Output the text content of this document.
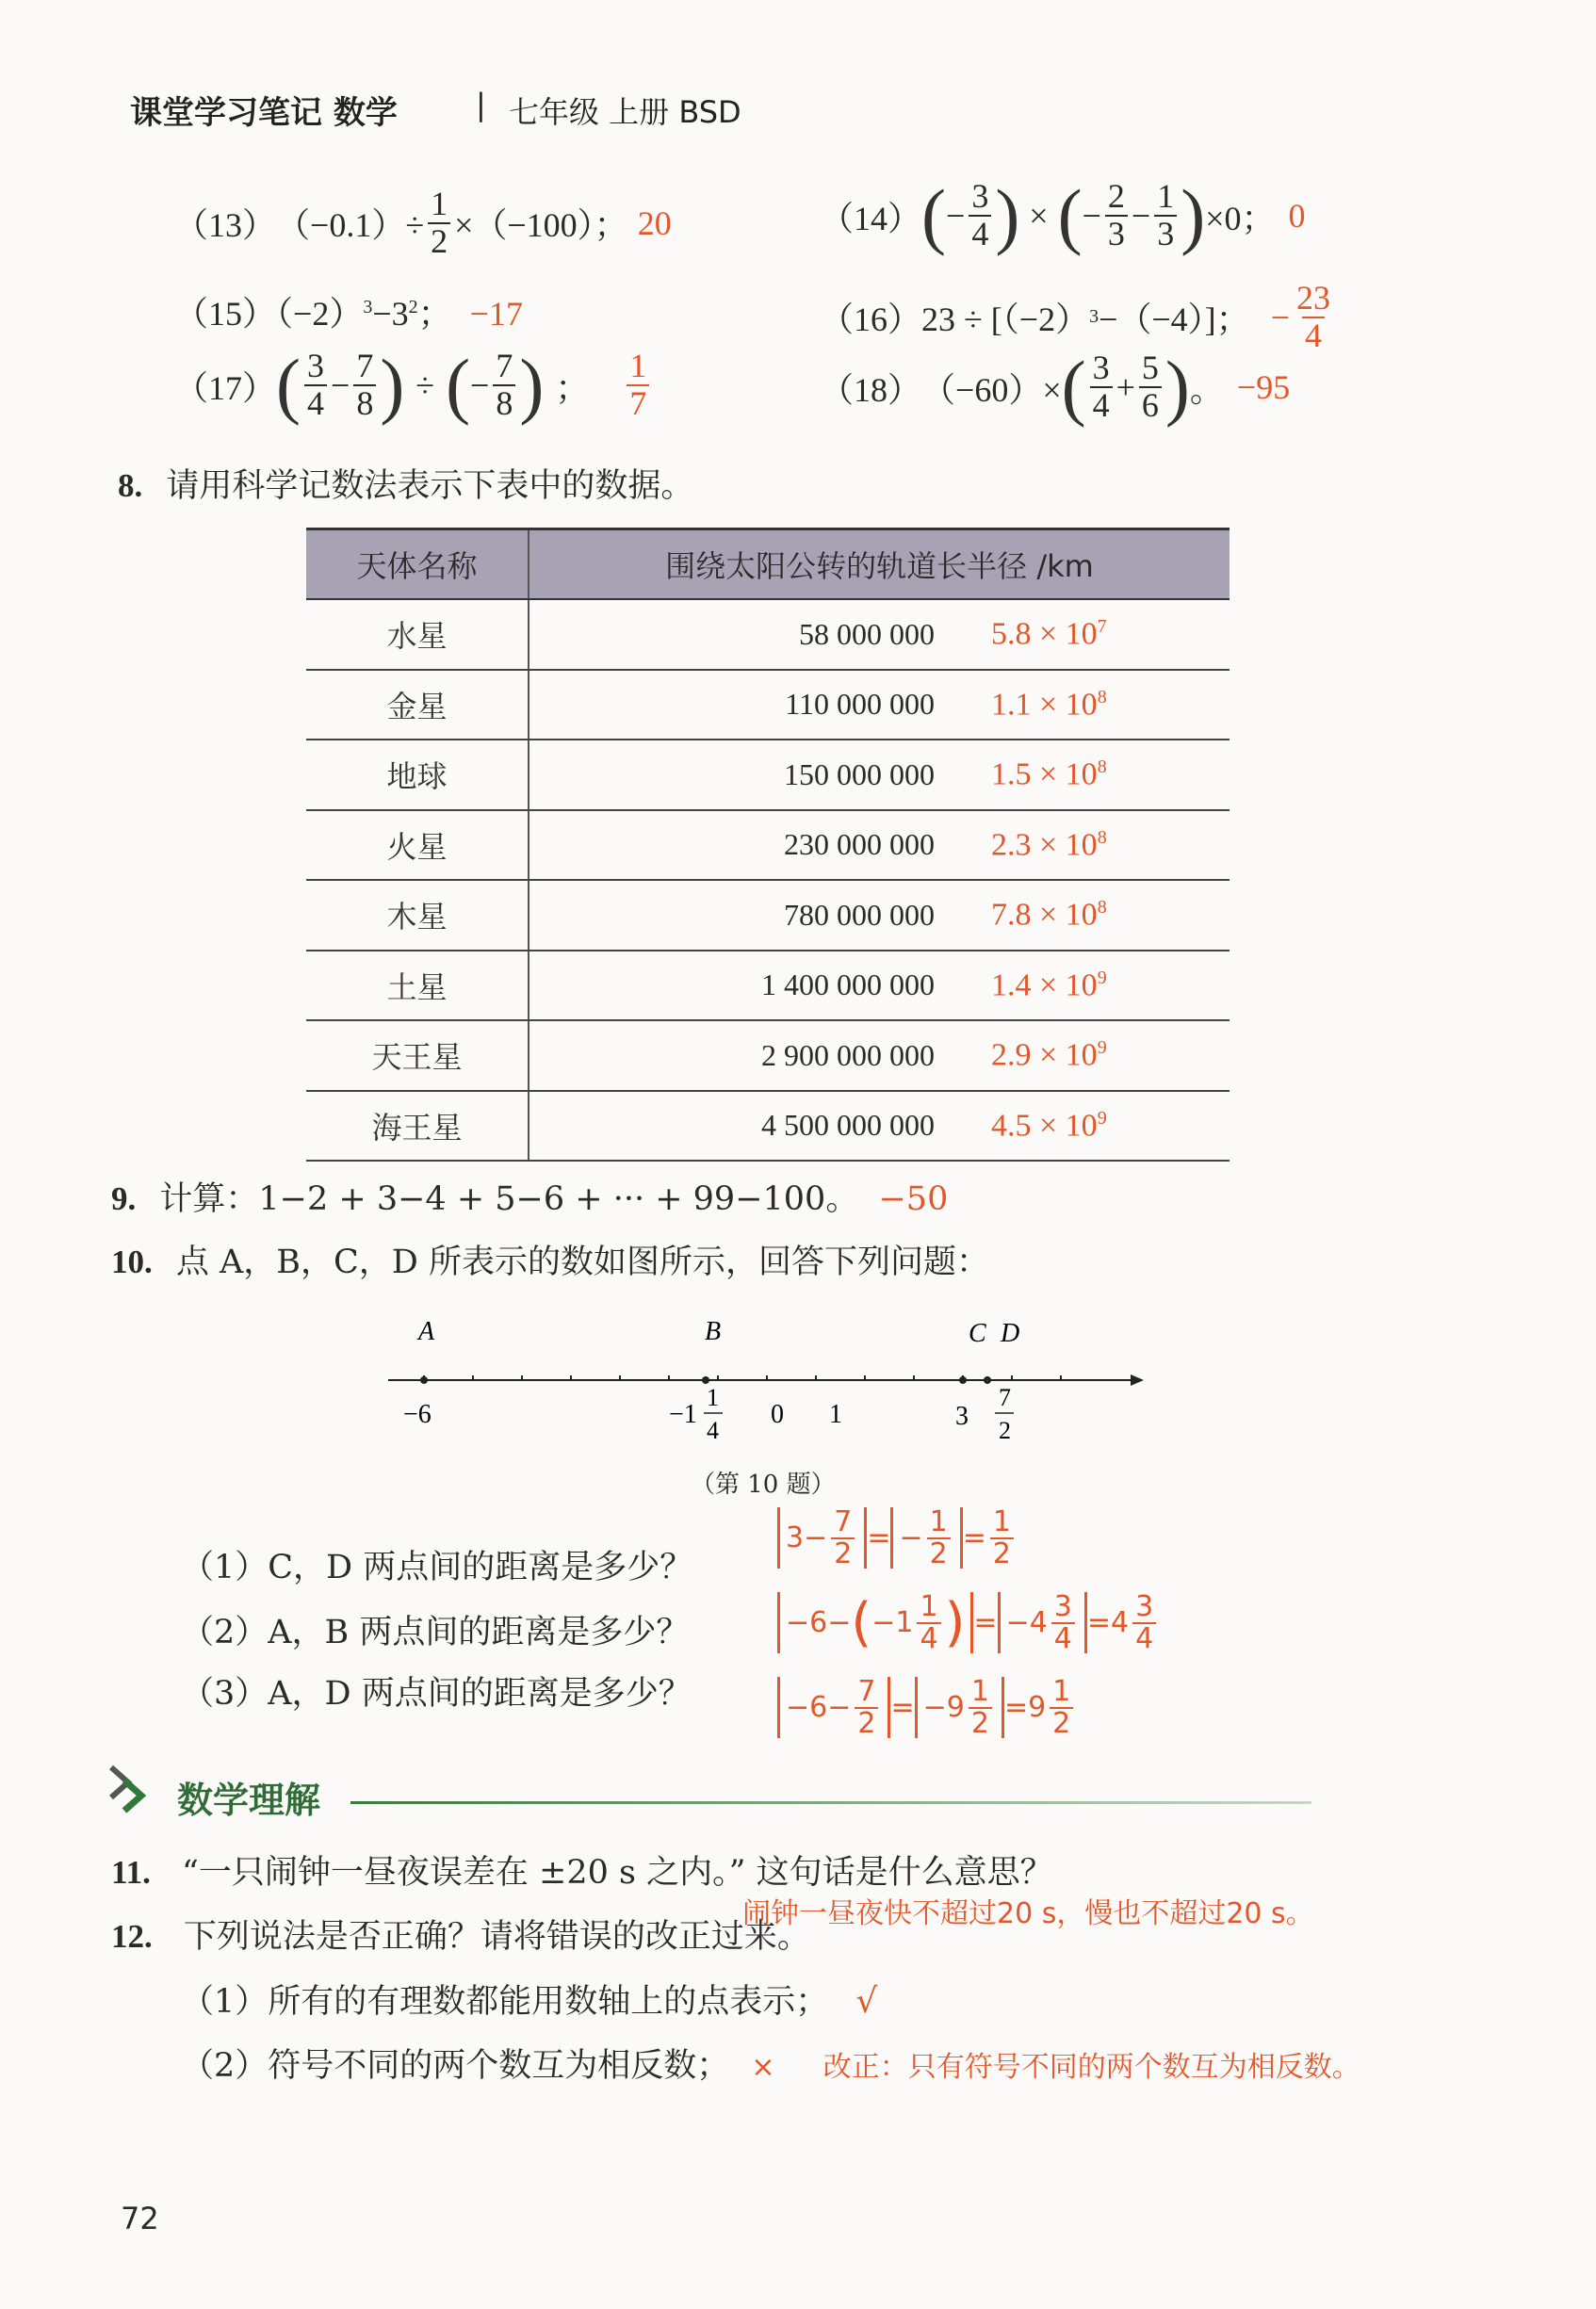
课堂学习笔记 数学	| 七年级 上册 BSD
（13） $(-0.1)\div \frac{1}{2} \times(-100)$； 20	（14） ( − $\frac{3}{4}$ ) × ( − $\frac{2}{3} - \frac{1}{3}$ ) ×0； 0
$(15)(-2)^3-3^2$； −17	（16） 23 ÷ [（−2） 3 −（−4）]； − $\frac{23}{4}$
（17） ( $\frac{3}{4} - \frac{7}{8}$ ) ÷ ( − $\frac{7}{8}$ ) ； $\frac{1}{7}$	（18） （−60）× ( $\frac{3}{4} + \frac{5}{6}$ ) 。 −95
8. 请用科学记数法表示下表中的数据。
天体名称	围绕太阳公转的轨道长半径 /km
水星	58 000 000 $5.8 \times 10^7$
金星	110 000 000 $1.1 \times 10^8$
地球	150 000 000 $1.5 \times 10^8$
火星	230 000 000 $2.3 \times 10^8$
木星	780 000 000 $7.8 \times 10^8$
土星	1 400 000 000 $1.4 \times 10^9$
天王星	2 900 000 000 $2.9 \times 10^9$
海王星	4 500 000 000 $4.5 \times 10^9$
9. 计算：1−2 + 3−4 + 5−6 + ··· + 99−100。 −50
10. 点 A，B，C，D 所表示的数如图所示，回答下列问题：
A	B	C D
−6	−1
1
4
0 1	3
7
2
（第 10 题）
（1）C，D 两点间的距离是多少？
（2）A，B 两点间的距离是多少？
（3）A，D 两点间的距离是多少？
$3- \frac{7}{2}$ = − $\frac{1}{2} = \frac{1}{2}$
−6− ( $-1 \frac{1}{4}$ ) = $-4 \frac{3}{4} = 4 \frac{3}{4}$
$-6- \frac{7}{2} = -9 \frac{1}{2} = 9 \frac{1}{2}$
数学理解
11. “一只闹钟一昼夜误差在 ±20 s 之内。” 这句话是什么意思？
闹钟一昼夜快不超过20 s，慢也不超过20 s。
12. 下列说法是否正确？请将错误的改正过来。
（1）所有的有理数都能用数轴上的点表示； √
（2）符号不同的两个数互为相反数； × 改正：只有符号不同的两个数互为相反数。
72
